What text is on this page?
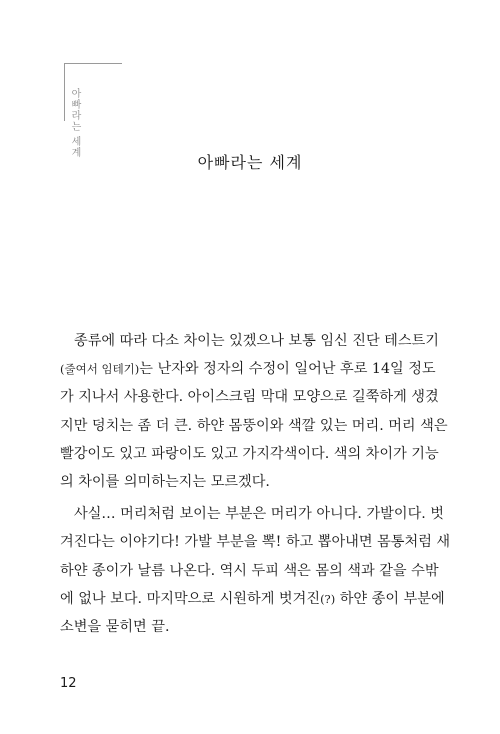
아빠라는 세계
아빠라는 세계
종류에 따라 다소 차이는 있겠으나 보통 임신 진단 테스트기
(줄여서 임테기)는 난자와 정자의 수정이 일어난 후로 14일 정도
가 지나서 사용한다. 아이스크림 막대 모양으로 길쭉하게 생겼
지만 덩치는 좀 더 큰. 하얀 몸뚱이와 색깔 있는 머리. 머리 색은
빨강이도 있고 파랑이도 있고 가지각색이다. 색의 차이가 기능
의 차이를 의미하는지는 모르겠다.
사실… 머리처럼 보이는 부분은 머리가 아니다. 가발이다. 벗
겨진다는 이야기다! 가발 부분을 뽁! 하고 뽑아내면 몸통처럼 새
하얀 종이가 날름 나온다. 역시 두피 색은 몸의 색과 같을 수밖
에 없나 보다. 마지막으로 시원하게 벗겨진(?) 하얀 종이 부분에
소변을 묻히면 끝.
12
